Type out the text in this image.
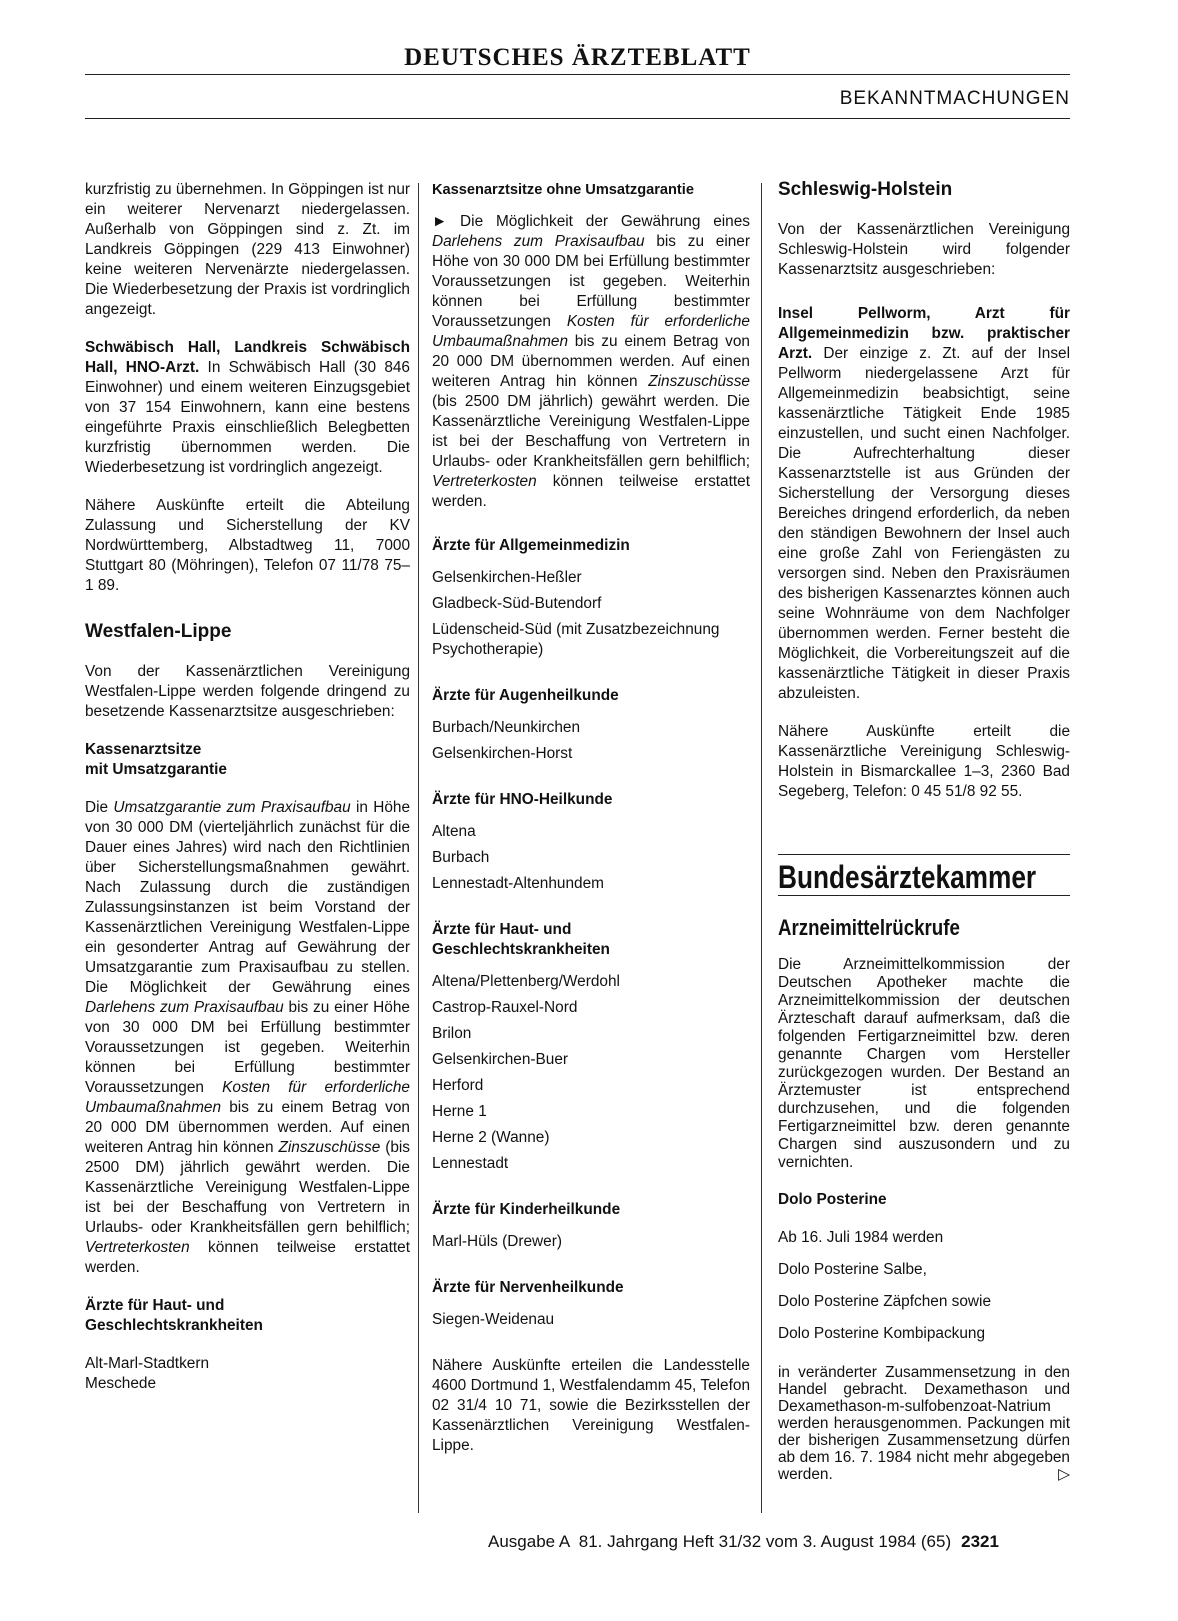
DEUTSCHES ÄRZTEBLATT
BEKANNTMACHUNGEN

kurzfristig zu übernehmen. In Göppingen ist nur ein weiterer Nervenarzt niedergelassen. Außerhalb von Göppingen sind z. Zt. im Landkreis Göppingen (229 413 Einwohner) keine weiteren Nervenärzte niedergelassen. Die Wiederbesetzung der Praxis ist vordringlich angezeigt.

Schwäbisch Hall, Landkreis Schwäbisch Hall, HNO-Arzt. In Schwäbisch Hall (30 846 Einwohner) und einem weiteren Einzugsgebiet von 37 154 Einwohnern, kann eine bestens eingeführte Praxis einschließlich Belegbetten kurzfristig übernommen werden. Die Wiederbesetzung ist vordringlich angezeigt.

Nähere Auskünfte erteilt die Abteilung Zulassung und Sicherstellung der KV Nordwürttemberg, Albstadtweg 11, 7000 Stuttgart 80 (Möhringen), Telefon 07 11/78 75–1 89.

Westfalen-Lippe

Von der Kassenärztlichen Vereinigung Westfalen-Lippe werden folgende dringend zu besetzende Kassenarztsitze ausgeschrieben:

Kassenarztsitze
mit Umsatzgarantie

Die Umsatzgarantie zum Praxisaufbau in Höhe von 30 000 DM (vierteljährlich zunächst für die Dauer eines Jahres) wird nach den Richtlinien über Sicherstellungsmaßnahmen gewährt. Nach Zulassung durch die zuständigen Zulassungsinstanzen ist beim Vorstand der Kassenärztlichen Vereinigung Westfalen-Lippe ein gesonderter Antrag auf Gewährung der Umsatzgarantie zum Praxisaufbau zu stellen. Die Möglichkeit der Gewährung eines Darlehens zum Praxisaufbau bis zu einer Höhe von 30 000 DM bei Erfüllung bestimmter Voraussetzungen ist gegeben. Weiterhin können bei Erfüllung bestimmter Voraussetzungen Kosten für erforderliche Umbaumaßnahmen bis zu einem Betrag von 20 000 DM übernommen werden. Auf einen weiteren Antrag hin können Zinszuschüsse (bis 2500 DM) jährlich gewährt werden. Die Kassenärztliche Vereinigung Westfalen-Lippe ist bei der Beschaffung von Vertretern in Urlaubs- oder Krankheitsfällen gern behilflich; Vertreterkosten können teilweise erstattet werden.

Ärzte für Haut- und
Geschlechtskrankheiten
Alt-Marl-Stadtkern
Meschede
Kassenarztsitze ohne Umsatzgarantie

► Die Möglichkeit der Gewährung eines Darlehens zum Praxisaufbau bis zu einer Höhe von 30 000 DM bei Erfüllung bestimmter Voraussetzungen ist gegeben. Weiterhin können bei Erfüllung bestimmter Voraussetzungen Kosten für erforderliche Umbaumaßnahmen bis zu einem Betrag von 20 000 DM übernommen werden. Auf einen weiteren Antrag hin können Zinszuschüsse (bis 2500 DM jährlich) gewährt werden. Die Kassenärztliche Vereinigung Westfalen-Lippe ist bei der Beschaffung von Vertretern in Urlaubs- oder Krankheitsfällen gern behilflich; Vertreterkosten können teilweise erstattet werden.

Ärzte für Allgemeinmedizin
Gelsenkirchen-Heßler
Gladbeck-Süd-Butendorf
Lüdenscheid-Süd (mit Zusatzbezeichnung Psychotherapie)
Ärzte für Augenheilkunde
Burbach/Neunkirchen
Gelsenkirchen-Horst
Ärzte für HNO-Heilkunde
Altena
Burbach
Lennestadt-Altenhundem
Ärzte für Haut- und
Geschlechtskrankheiten
Altena/Plettenberg/Werdohl
Castrop-Rauxel-Nord
Brilon
Gelsenkirchen-Buer
Herford
Herne 1
Herne 2 (Wanne)
Lennestadt
Ärzte für Kinderheilkunde
Marl-Hüls (Drewer)
Ärzte für Nervenheilkunde
Siegen-Weidenau

Nähere Auskünfte erteilen die Landesstelle 4600 Dortmund 1, Westfalendamm 45, Telefon 02 31/4 10 71, sowie die Bezirksstellen der Kassenärztlichen Vereinigung Westfalen-Lippe.

Schleswig-Holstein

Von der Kassenärztlichen Vereinigung Schleswig-Holstein wird folgender Kassenarztsitz ausgeschrieben:

Insel Pellworm, Arzt für Allgemeinmedizin bzw. praktischer Arzt. Der einzige z. Zt. auf der Insel Pellworm niedergelassene Arzt für Allgemeinmedizin beabsichtigt, seine kassenärztliche Tätigkeit Ende 1985 einzustellen, und sucht einen Nachfolger. Die Aufrechterhaltung dieser Kassenarztstelle ist aus Gründen der Sicherstellung der Versorgung dieses Bereiches dringend erforderlich, da neben den ständigen Bewohnern der Insel auch eine große Zahl von Feriengästen zu versorgen sind. Neben den Praxisräumen des bisherigen Kassenarztes können auch seine Wohnräume von dem Nachfolger übernommen werden. Ferner besteht die Möglichkeit, die Vorbereitungszeit auf die kassenärztliche Tätigkeit in dieser Praxis abzuleisten.

Nähere Auskünfte erteilt die Kassenärztliche Vereinigung Schleswig-Holstein in Bismarckallee 1–3, 2360 Bad Segeberg, Telefon: 0 45 51/8 92 55.

Bundesärztekammer
Arzneimittelrückrufe

Die Arzneimittelkommission der Deutschen Apotheker machte die Arzneimittelkommission der deutschen Ärzteschaft darauf aufmerksam, daß die folgenden Fertigarzneimittel bzw. deren genannte Chargen vom Hersteller zurückgezogen wurden. Der Bestand an Ärztemuster ist entsprechend durchzusehen, und die folgenden Fertigarzneimittel bzw. deren genannte Chargen sind auszusondern und zu vernichten.

Dolo Posterine
Ab 16. Juli 1984 werden
Dolo Posterine Salbe,
Dolo Posterine Zäpfchen sowie
Dolo Posterine Kombipackung

in veränderter Zusammensetzung in den Handel gebracht. Dexamethason und Dexamethason-m-sulfobenzoat-Natrium werden herausgenommen. Packungen mit der bisherigen Zusammensetzung dürfen ab dem 16. 7. 1984 nicht mehr abgegeben werden.	▷

Ausgabe A  81. Jahrgang Heft 31/32 vom 3. August 1984 (65) 2321
